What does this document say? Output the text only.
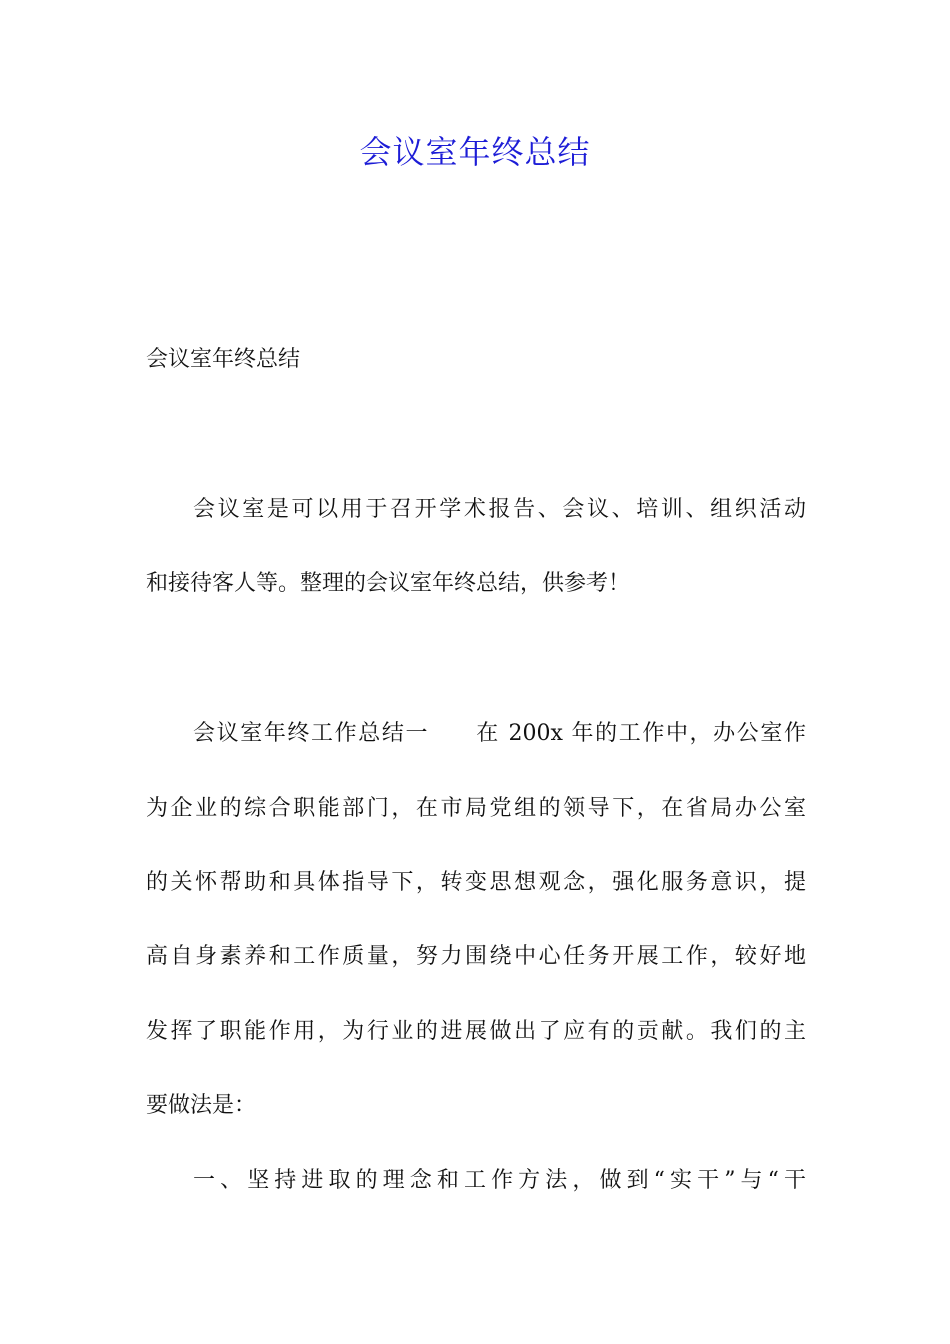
会议室年终总结
会议室年终总结
会议室是可以用于召开学术报告、会议、培训、组织活动
和接待客人等。整理的会议室年终总结，供参考！
会议室年终工作总结一　　在 200x 年的工作中，办公室作
为企业的综合职能部门，在市局党组的领导下，在省局办公室
的关怀帮助和具体指导下，转变思想观念，强化服务意识，提
高自身素养和工作质量，努力围绕中心任务开展工作，较好地
发挥了职能作用，为行业的进展做出了应有的贡献。我们的主
要做法是：
一、坚持进取的理念和工作方法，做到“实干”与“干
